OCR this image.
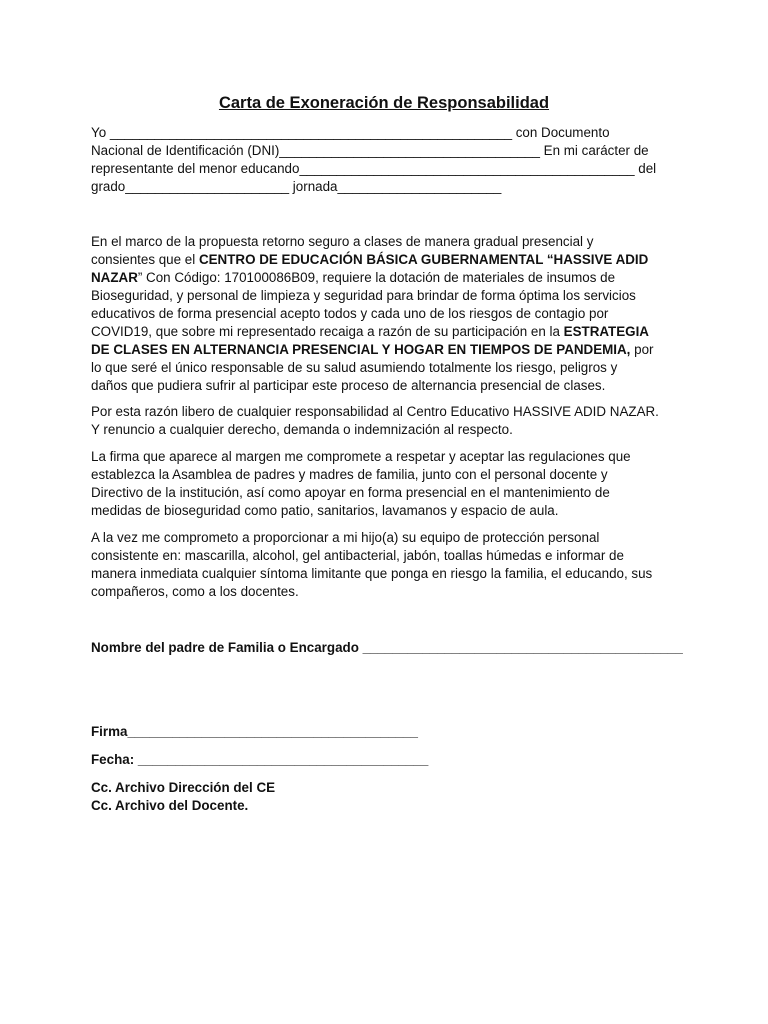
Carta de Exoneración de Responsabilidad
Yo ______________________________________________________ con Documento
Nacional de Identificación (DNI)___________________________________ En mi carácter de
representante del menor educando_____________________________________________ del
grado______________________ jornada______________________
En el marco de la propuesta retorno seguro a clases de manera gradual presencial y
consientes que el CENTRO DE EDUCACIÓN BÁSICA GUBERNAMENTAL “HASSIVE ADID
NAZAR” Con Código: 170100086B09, requiere la dotación de materiales de insumos de
Bioseguridad, y personal de limpieza y seguridad para brindar de forma óptima los servicios
educativos de forma presencial acepto todos y cada uno de los riesgos de contagio por
COVID19, que sobre mi representado recaiga a razón de su participación en la ESTRATEGIA
DE CLASES EN ALTERNANCIA PRESENCIAL Y HOGAR EN TIEMPOS DE PANDEMIA, por
lo que seré el único responsable de su salud asumiendo totalmente los riesgo, peligros y
daños que pudiera sufrir al participar este proceso de alternancia presencial de clases.
Por esta razón libero de cualquier responsabilidad al Centro Educativo HASSIVE ADID NAZAR.
Y renuncio a cualquier derecho, demanda o indemnización al respecto.
La firma que aparece al margen me compromete a respetar y aceptar las regulaciones que
establezca la Asamblea de padres y madres de familia, junto con el personal docente y
Directivo de la institución, así como apoyar en forma presencial en el mantenimiento de
medidas de bioseguridad como patio, sanitarios, lavamanos y espacio de aula.
A la vez me comprometo a proporcionar a mi hijo(a) su equipo de protección personal
consistente en: mascarilla, alcohol, gel antibacterial, jabón, toallas húmedas e informar de
manera inmediata cualquier síntoma limitante que ponga en riesgo la familia, el educando, sus
compañeros, como a los docentes.
Nombre del padre de Familia o Encargado ___________________________________________
Firma_______________________________________
Fecha: _______________________________________
Cc. Archivo Dirección del CE
Cc. Archivo del Docente.
